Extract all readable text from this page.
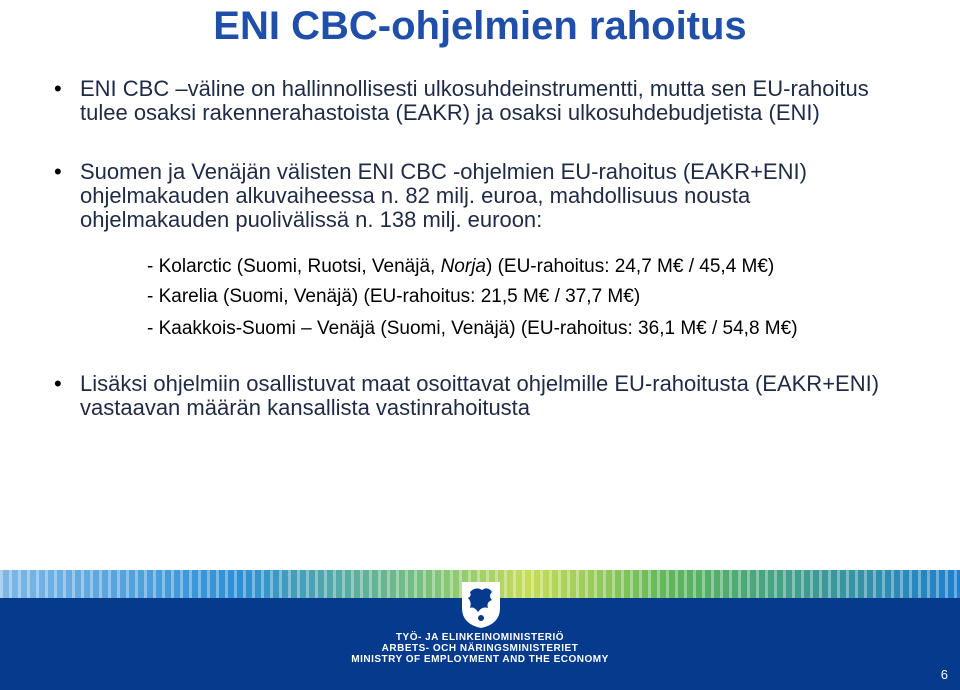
ENI CBC-ohjelmien rahoitus
• ENI CBC –väline on hallinnollisesti ulkosuhdeinstrumentti, mutta sen EU-rahoitus tulee osaksi rakennerahastoista (EAKR) ja osaksi ulkosuhdebudjetista (ENI)
• Suomen ja Venäjän välisten ENI CBC -ohjelmien EU-rahoitus (EAKR+ENI) ohjelmakauden alkuvaiheessa n. 82 milj. euroa, mahdollisuus nousta ohjelmakauden puolivälissä n. 138 milj. euroon:
- Kolarctic (Suomi, Ruotsi, Venäjä, Norja) (EU-rahoitus: 24,7 M€ / 45,4 M€)
- Karelia (Suomi, Venäjä) (EU-rahoitus: 21,5 M€ / 37,7 M€)
- Kaakkois-Suomi – Venäjä (Suomi, Venäjä) (EU-rahoitus: 36,1 M€ / 54,8 M€)
• Lisäksi ohjelmiin osallistuvat maat osoittavat ohjelmille EU-rahoitusta (EAKR+ENI) vastaavan määrän kansallista vastinrahoitusta
TYÖ- JA ELINKEINOMINISTERIÖ
ARBETS- OCH NÄRINGSMINISTERIET
MINISTRY OF EMPLOYMENT AND THE ECONOMY
6
